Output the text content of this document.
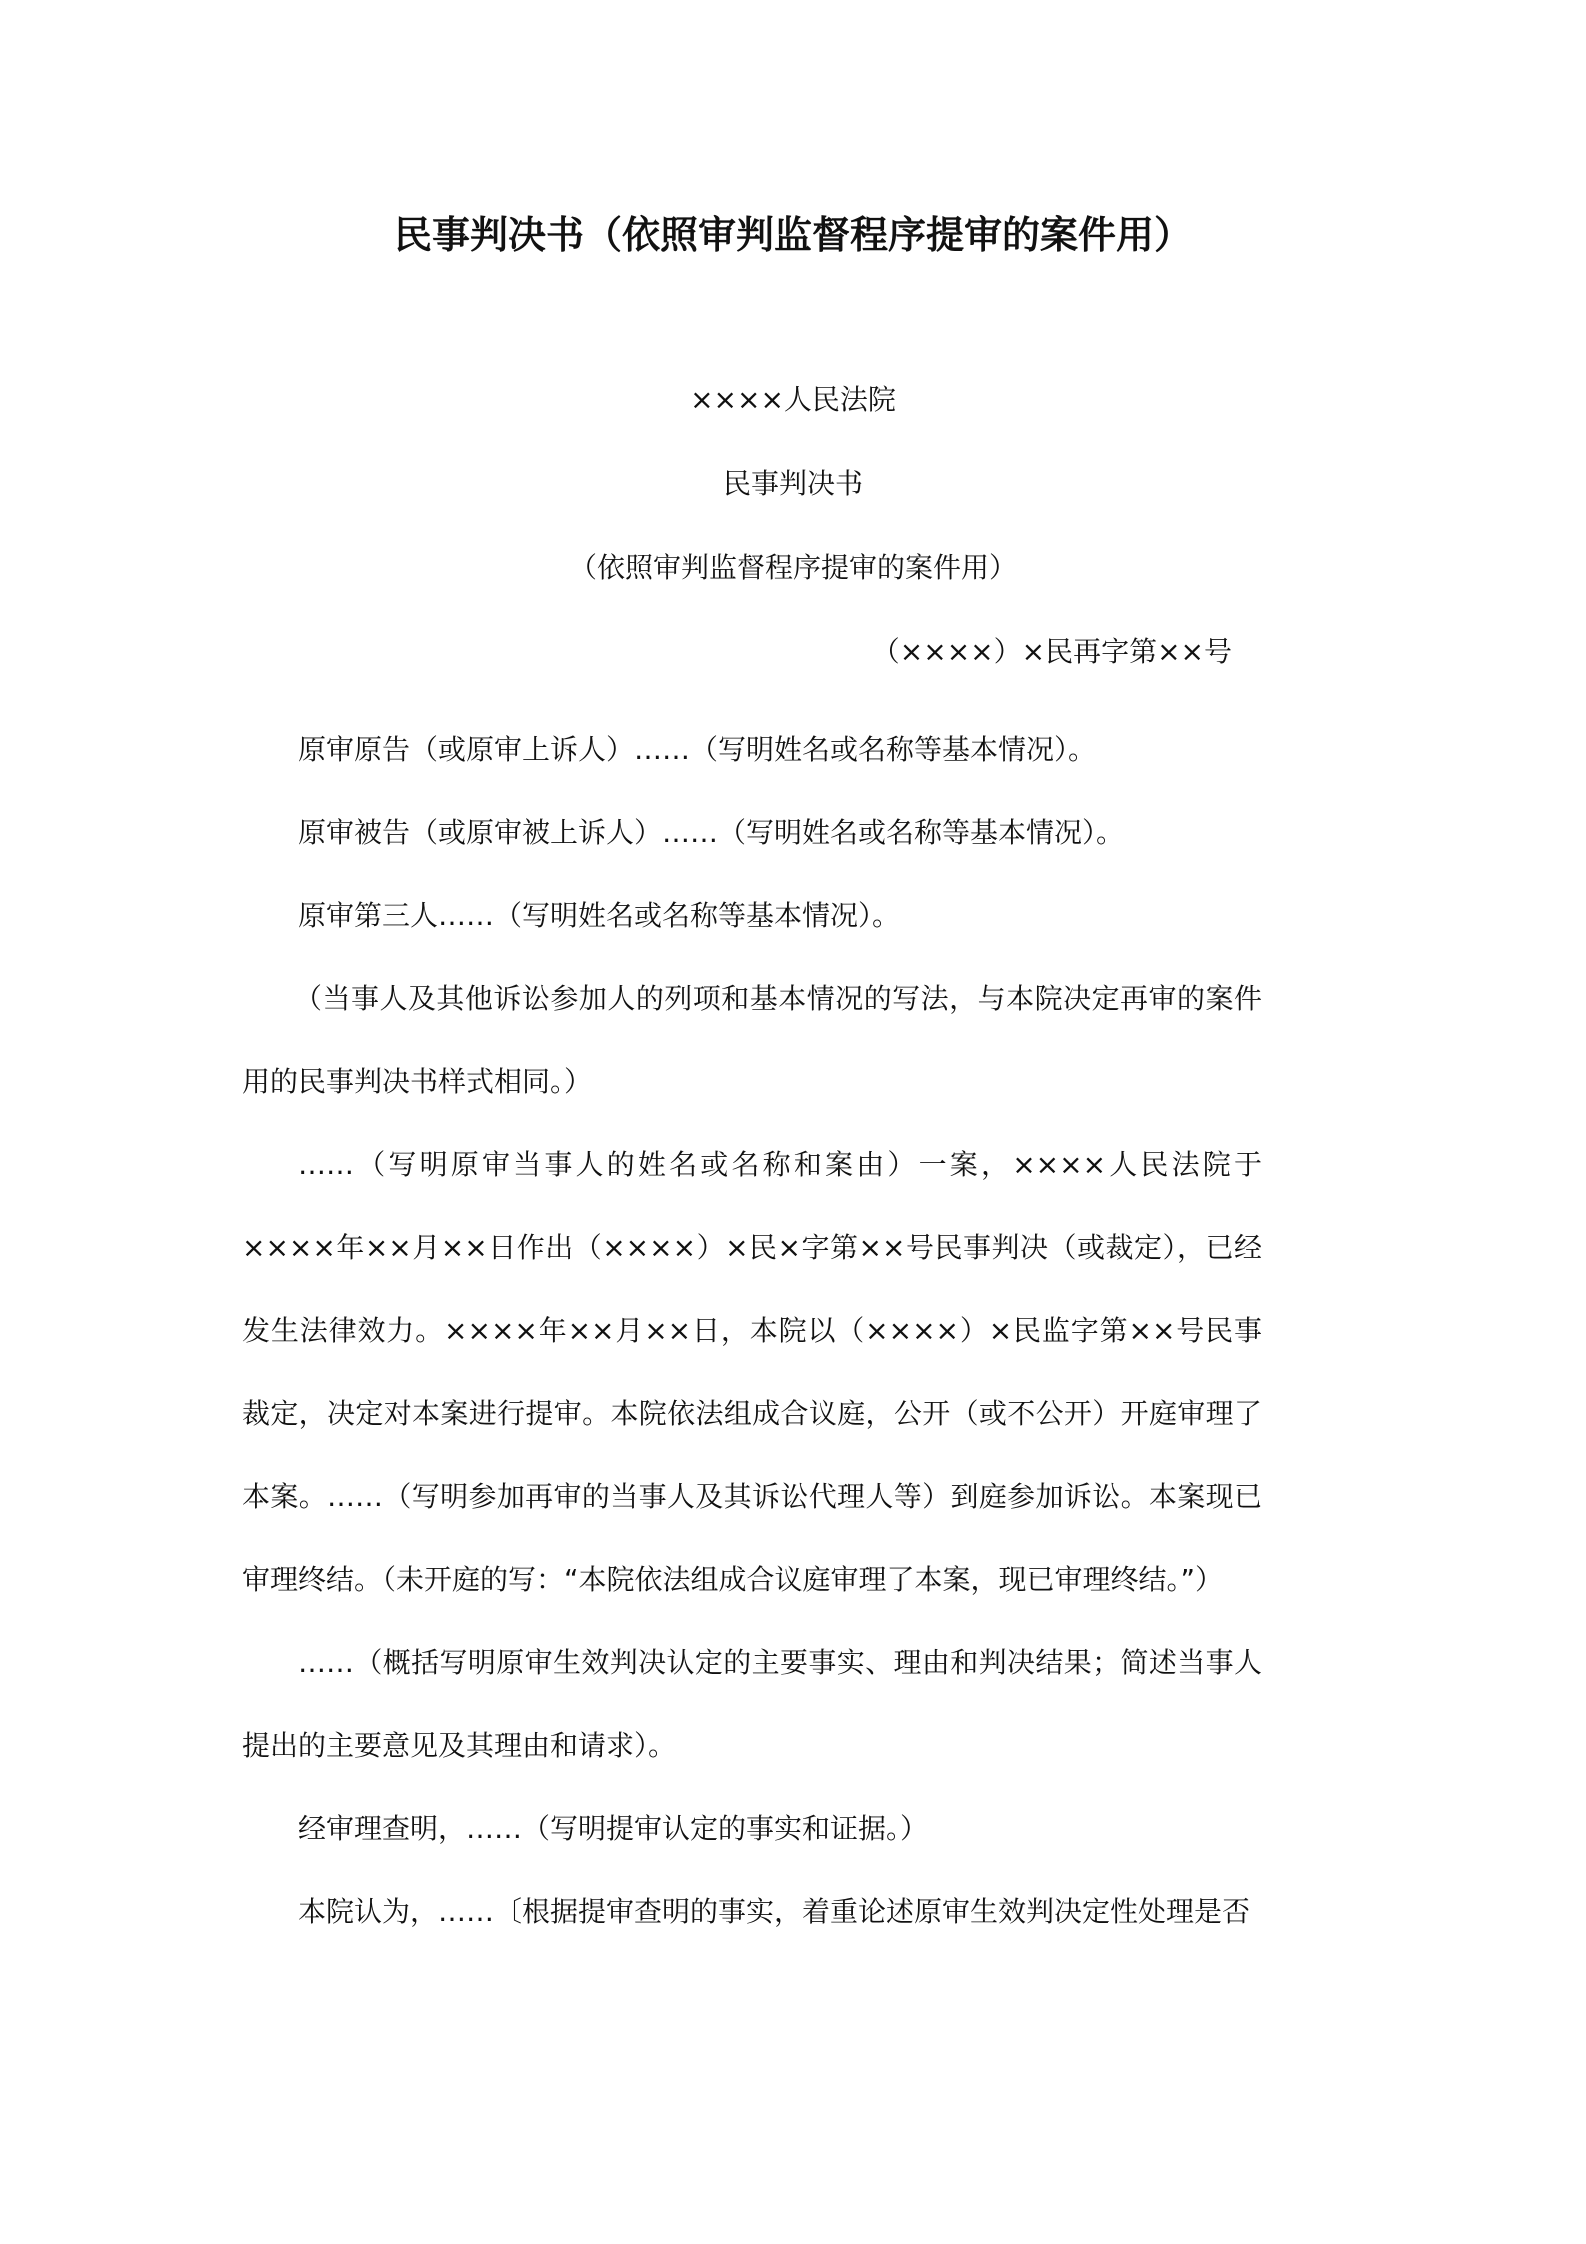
民事判决书（依照审判监督程序提审的案件用）
××××人民法院
民事判决书
（依照审判监督程序提审的案件用）
（××××）×民再字第××号

原审原告（或原审上诉人）……（写明姓名或名称等基本情况）。

原审被告（或原审被上诉人）……（写明姓名或名称等基本情况）。

原审第三人……（写明姓名或名称等基本情况）。

（当事人及其他诉讼参加人的列项和基本情况的写法，与本院决定再审的案件用的民事判决书样式相同。）

……（写明原审当事人的姓名或名称和案由）一案，××××人民法院于××××年××月××日作出（××××）×民×字第××号民事判决（或裁定），已经发生法律效力。××××年××月××日，本院以（××××）×民监字第××号民事裁定，决定对本案进行提审。本院依法组成合议庭，公开（或不公开）开庭审理了本案。……（写明参加再审的当事人及其诉讼代理人等）到庭参加诉讼。本案现已审理终结。（未开庭的写：“本院依法组成合议庭审理了本案，现已审理终结。”）

……（概括写明原审生效判决认定的主要事实、理由和判决结果；简述当事人提出的主要意见及其理由和请求）。

经审理查明，……（写明提审认定的事实和证据。）

本院认为，……〔根据提审查明的事实，着重论述原审生效判决定性处理是否
